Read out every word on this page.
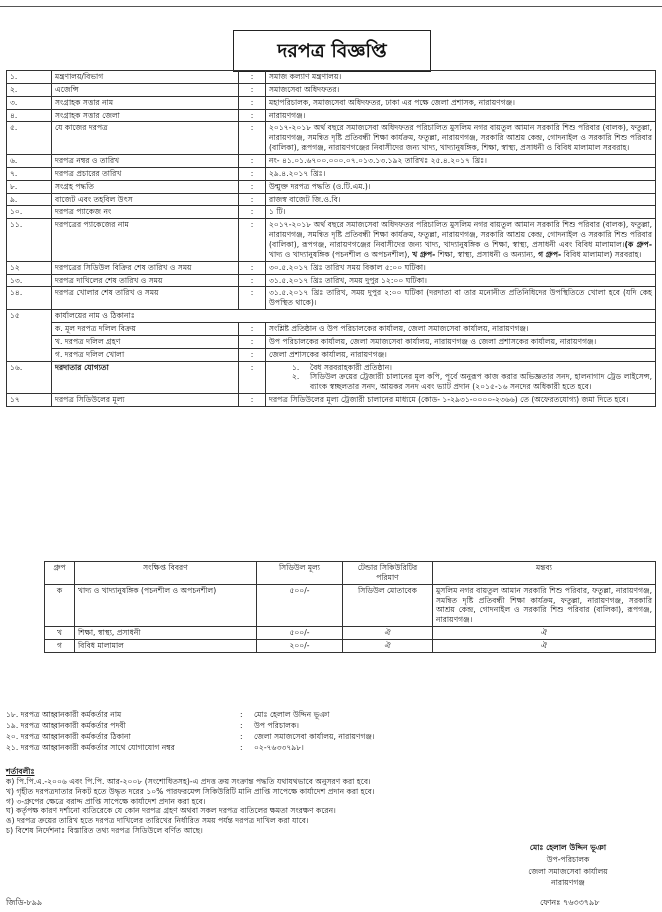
দরপত্র বিজ্ঞপ্তি
১.	মন্ত্রণালয়/বিভাগ	:	সমাজ কল্যাণ মন্ত্রণালয়।
২.	এজেন্সি	:	সমাজসেবা অধিদফতর।
৩.	সংগ্রাহক সত্তার নাম	:	মহাপরিচালক, সমাজসেবা অধিদফতর, ঢাকা এর পক্ষে জেলা প্রশাসক, নারায়ণগঞ্জ।
৪.	সংগ্রাহক সত্তার জেলা	:	নারায়ণগঞ্জ।
৫.	যে কাজের দরপত্র	:	২০১৭-২০১৮ অর্থ বছরে সমাজসেবা অধিদফতর পরিচালিত মুসলিম নগর বায়তুল আমান সরকারি শিশু পরিবার (বালক), ফতুল্লা, নারায়ণগঞ্জ, সমন্বিত দৃষ্টি প্রতিবন্ধী শিক্ষা কার্যক্রম, ফতুল্লা, নারায়ণগঞ্জ, সরকারি আশ্রয় কেন্দ্র, গোদনাইল ও সরকারি শিশু পরিবার (বালিকা), রূপগঞ্জ, নারায়ণগঞ্জের নিবাসীদের জন্য খাদ্য, খাদ্যানুষঙ্গিক, শিক্ষা, স্বাস্থ্য, প্রসাধনী ও বিবিধ মালামাল সরবরাহ।
৬.	দরপত্র নম্বর ও তারিখ	:	নং- ৪১.০১.৬৭০০.০০০.০৭.০১৩.১৩.১৯২ তারিখঃ ২৫.৪.২০১৭ খ্রিঃ।
৭.	দরপত্র প্রচারের তারিখ	:	২৯.৪.২০১৭ খ্রিঃ।
৮.	সংগ্রহ পদ্ধতি	:	উন্মুক্ত দরপত্র পদ্ধতি (ও.টি.এম.)।
৯.	বাজেট এবং তহবিল উৎস	:	রাজস্ব বাজেট জি.ও.বি।
১০.	দরপত্র প্যাকেজ নং	:	১ টি।
১১.	দরপত্রের প্যাকেজের নাম	:	২০১৭-২০১৮ অর্থ বছরে সমাজসেবা অধিদফতর পরিচালিত মুসলিম নগর বায়তুল আমান সরকারি শিশু পরিবার (বালক), ফতুল্লা, নারায়ণগঞ্জ, সমন্বিত দৃষ্টি প্রতিবন্ধী শিক্ষা কার্যক্রম, ফতুল্লা, নারায়ণগঞ্জ, সরকারি আশ্রয় কেন্দ্র, গোদনাইল ও সরকারি শিশু পরিবার (বালিকা), রূপগঞ্জ, নারায়ণগঞ্জের নিবাসীদের জন্য খাদ্য, খাদ্যানুষঙ্গিক ও শিক্ষা, স্বাস্থ্য, প্রসাধনী এবং বিবিধ মালামাল।(ক গ্রুপ- খাদ্য ও খাদ্যানুষঙ্গিক (পচনশীল ও অপচনশীল), খ গ্রুপ- শিক্ষা, স্বাস্থ্য, প্রসাধনী ও অন্যান্য, গ গ্রুপ- বিবিধ মালামাল) সরবরাহ।
১২	দরপত্রের সিডিউল বিক্রির শেষ তারিখ ও সময়	:	৩০.৫.২০১৭ খ্রিঃ তারিখ সময় বিকাল ৫:০০ ঘটিকা।
১৩.	দরপত্র দাখিলের শেষ তারিখ ও সময়	:	৩১.৫.২০১৭ খ্রিঃ তারিখ, সময় দুপুর ১২:০০ ঘটিকা।
১৪.	দরপত্র খোলার শেষ তারিখ ও সময়	:	৩১.৫.২০১৭ খ্রিঃ তারিখ, সময় দুপুর ২:০০ ঘটিকা (দরদাতা বা তার মনোনীত প্রতিনিধিদের উপস্থিতিতে খোলা হবে (যদি কেহ উপস্থিত থাকে)।
১৫	কার্যালয়ের নাম ও ঠিকানাঃ		
	ক. মূল দরপত্র দলিল বিক্রয়	:	সংশ্লিষ্ট প্রতিষ্ঠান ও উপ পরিচালকের কার্যালয়, জেলা সমাজসেবা কার্যালয়, নারায়ণগঞ্জ।
	খ. দরপত্র দলিল গ্রহণ	:	উপ পরিচালকের কার্যালয়, জেলা সমাজসেবা কার্যালয়, নারায়ণগঞ্জ ও জেলা প্রশাসকের কার্যালয়, নারায়ণগঞ্জ।
	গ. দরপত্র দলিল খোলা	:	জেলা প্রশাসকের কার্যালয়, নারায়ণগঞ্জ।
১৬.	দরদাতার যোগ্যতা	:	১. বৈধ সরবরাহকারী প্রতিষ্ঠান।
২. সিডিউল ক্রয়ের ট্রেজারী চালানের মূল কপি, পূর্বে অনুরূপ কাজ করার অভিজ্ঞতার সনদ, হালনাগাদ ট্রেড লাইসেন্স, ব্যাংক স্বচ্ছলতার সনদ, আয়কর সনদ এবং ভ্যাট প্রদান (২০১৫-১৬ সনদের অধিকারী হতে হবে।

১৭	দরপত্র সিডিউলের মূল্য	:	দরপত্র সিডিউলের মূল্য ট্রেজারী চালানের মাধ্যমে (কোড- ১-২৯৩১-০০০০-২৩৬৬) তে (অফেরতযোগ্য) জমা দিতে হবে।
গ্রুপ	সংক্ষিপ্ত বিবরণ	সিডিউল মূল্য	টেন্ডার সিকিউরিটির পরিমাণ	মন্তব্য
ক	খাদ্য ও খাদ্যানুষঙ্গিক (পচনশীল ও অপচনশীল)	৫০০/-	সিডিউল মোতাবেক	মুসলিম নগর বায়তুল আমান সরকারি শিশু পরিবার, ফতুল্লা, নারায়ণগঞ্জ, সমন্বিত দৃষ্টি প্রতিবন্ধী শিক্ষা কার্যক্রম, ফতুল্লা, নারায়ণগঞ্জ, সরকারি আশ্রয় কেন্দ্র, গোদনাইল ও সরকারি শিশু পরিবার (বালিকা), রূপগঞ্জ, নারায়ণগঞ্জ।
খ	শিক্ষা, স্বাস্থ্য, প্রসাধনী	৫০০/-	ঐ	ঐ
গ	বিবিধ মালামাল	২০০/-	ঐ	ঐ
১৮. দরপত্র আহ্বানকারী কর্মকর্তার নাম	:	মোঃ হেলাল উদ্দিন ভূঞা
১৯. দরপত্র আহ্বানকারী কর্মকর্তার পদবী	:	উপ পরিচালক।
২০. দরপত্র আহ্বানকারী কর্মকর্তার ঠিকানা	:	জেলা সমাজসেবা কার্যালয়, নারায়ণগঞ্জ।
২১. দরপত্র আহ্বানকারী কর্মকর্তার সাথে যোগাযোগ নম্বর	:	০২-৭৬৩৩৭৯৮।
শর্তাবলীঃ
ক) পি.পি.এ.-২০০৬ এবং পি.পি. আর-২০০৮ (সংশোধিতসহ)-এ প্রদত্ত ক্রয় সংক্রান্ত পদ্ধতি যথাযথভাবে অনুসরণ করা হবে।
খ) গৃহীত দরপত্রদাতার নিকট হতে উদ্ধৃত দরের ১০% পারফরমেন্স সিকিউরিটি মানি প্রাপ্তি সাপেক্ষে কার্যাদেশ প্রদান করা হবে।
গ) ৩-গ্রুপের ক্ষেত্রে বরাদ্দ প্রাপ্তি সাপেক্ষে কার্যাদেশ প্রদান করা হবে।
ঘ) কর্তৃপক্ষ কারণ দর্শানো ব্যতিরেকে যে কোন দরপত্র গ্রহণ অথবা সকল দরপত্র বাতিলের ক্ষমতা সংরক্ষণ করেন।
ঙ) দরপত্র ক্রয়ের তারিখ হতে দরপত্র দাখিলের তারিখের নির্ধারিত সময় পর্যন্ত দরপত্র দাখিল করা যাবে।
চ) বিশেষ নির্দেশনাঃ বিস্তারিত তথ্য দরপত্র সিডিউলে বর্ণিত আছে।
মোঃ হেলাল উদ্দিন ভূঞা
উপ-পরিচালক
জেলা সমাজসেবা কার্যালয়
নারায়ণগঞ্জ
জিডি-৮৯৯	ফোনঃ ৭৬৩৩৭৯৮
